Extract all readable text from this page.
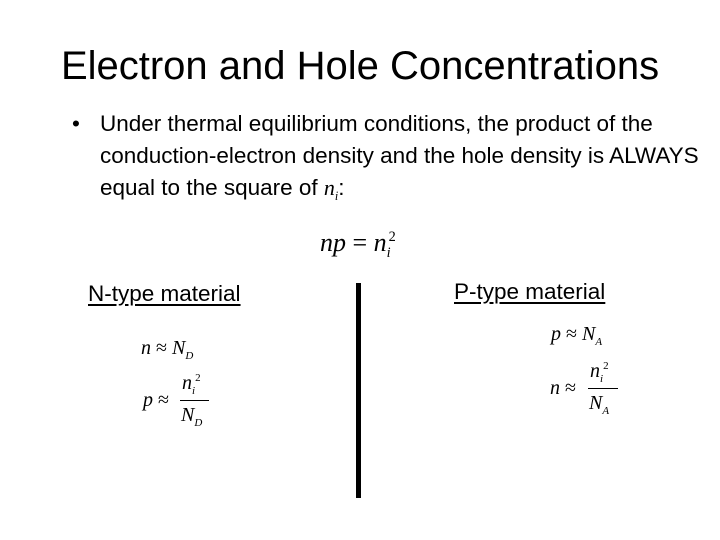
Electron and Hole Concentrations
• Under thermal equilibrium conditions, the product of the conduction-electron density and the hole density is ALWAYS equal to the square of $n_i$:
np = $n_i^2$
N-type material	P-type material
$n \approx N_D$
p ≈
$n_i^2$
$N_D$
$p \approx N_A$
n ≈
$n_i^2$
$N_A$
